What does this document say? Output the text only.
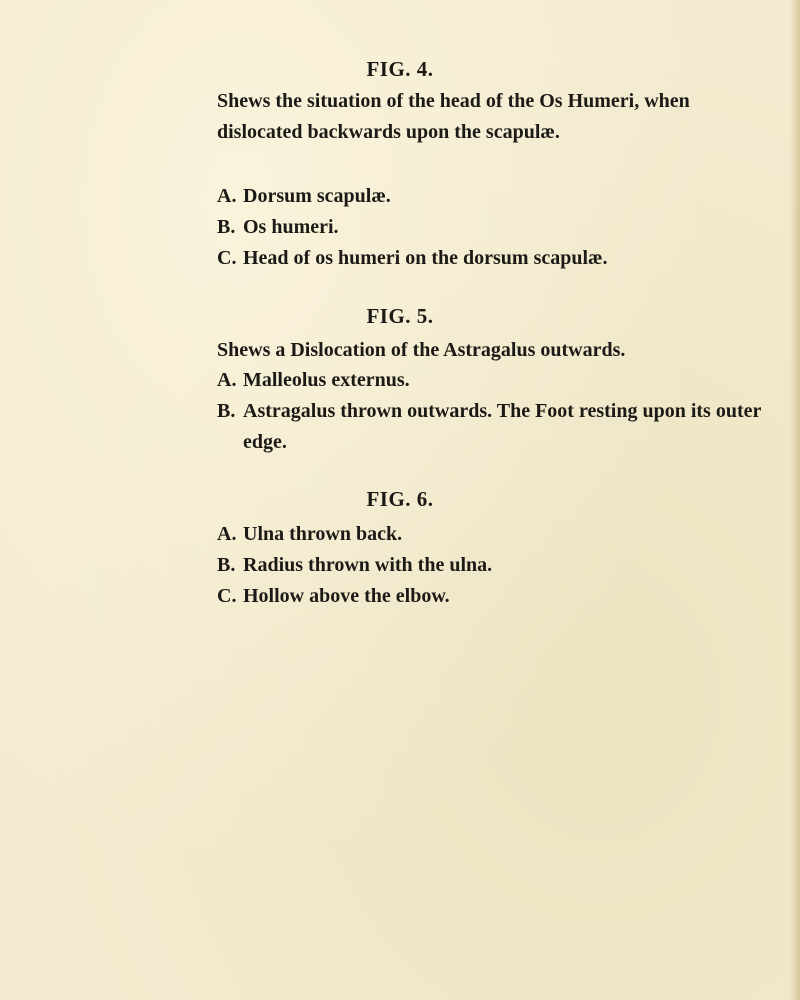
FIG. 4.

Shews the situation of the head of the Os Humeri, when dislocated backwards upon the scapulæ.

A. Dorsum scapulæ.
B. Os humeri.
C. Head of os humeri on the dorsum scapulæ.
FIG. 5.

Shews a Dislocation of the Astragalus outwards.

A. Malleolus externus.
B. Astragalus thrown outwards. The Foot resting upon its outer edge.
FIG. 6.
A. Ulna thrown back.
B. Radius thrown with the ulna.
C. Hollow above the elbow.
